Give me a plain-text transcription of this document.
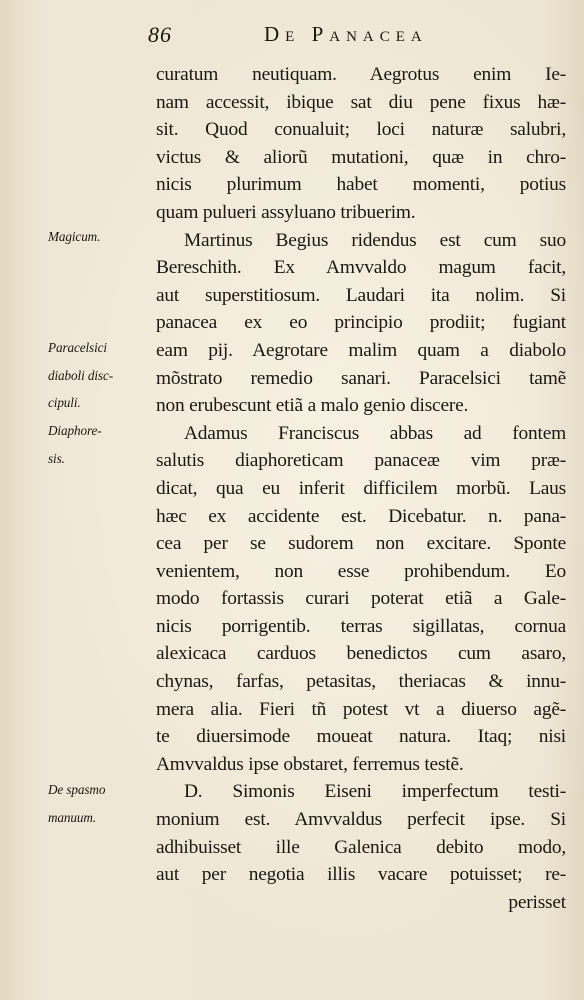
86	De Panacea
Magicum.
Paracelsici
diaboli disc-
cipuli.
Diaphore-
sis.
De spasmo
manuum.
curatum neutiquam. Aegrotus enim Ie-
nam accessit, ibique sat diu pene fixus hæ-
sit. Quod conualuit; loci naturæ salubri,
victus & aliorũ mutationi, quæ in chro-
nicis plurimum habet momenti, potius
quam pulueri assyluano tribuerim.
Martinus Begius ridendus est cum suo
Bereschith. Ex Amvvaldo magum facit,
aut superstitiosum. Laudari ita nolim. Si
panacea ex eo principio prodiit; fugiant
eam pij. Aegrotare malim quam a diabolo
mõstrato remedio sanari. Paracelsici tamẽ
non erubescunt etiã a malo genio discere.
Adamus Franciscus abbas ad fontem
salutis diaphoreticam panaceæ vim præ-
dicat, qua eu inferit difficilem morbũ. Laus
hæc ex accidente est. Dicebatur. n. pana-
cea per se sudorem non excitare. Sponte
venientem, non esse prohibendum. Eo
modo fortassis curari poterat etiã a Gale-
nicis porrigentib. terras sigillatas, cornua
alexicaca carduos benedictos cum asaro,
chynas, farfas, petasitas, theriacas & innu-
mera alia. Fieri tñ potest vt a diuerso agẽ-
te diuersimode moueat natura. Itaq; nisi
Amvvaldus ipse obstaret, ferremus testẽ.
D. Simonis Eiseni imperfectum testi-
monium est. Amvvaldus perfecit ipse. Si
adhibuisset ille Galenica debito modo,
aut per negotia illis vacare potuisset; re-
perisset
